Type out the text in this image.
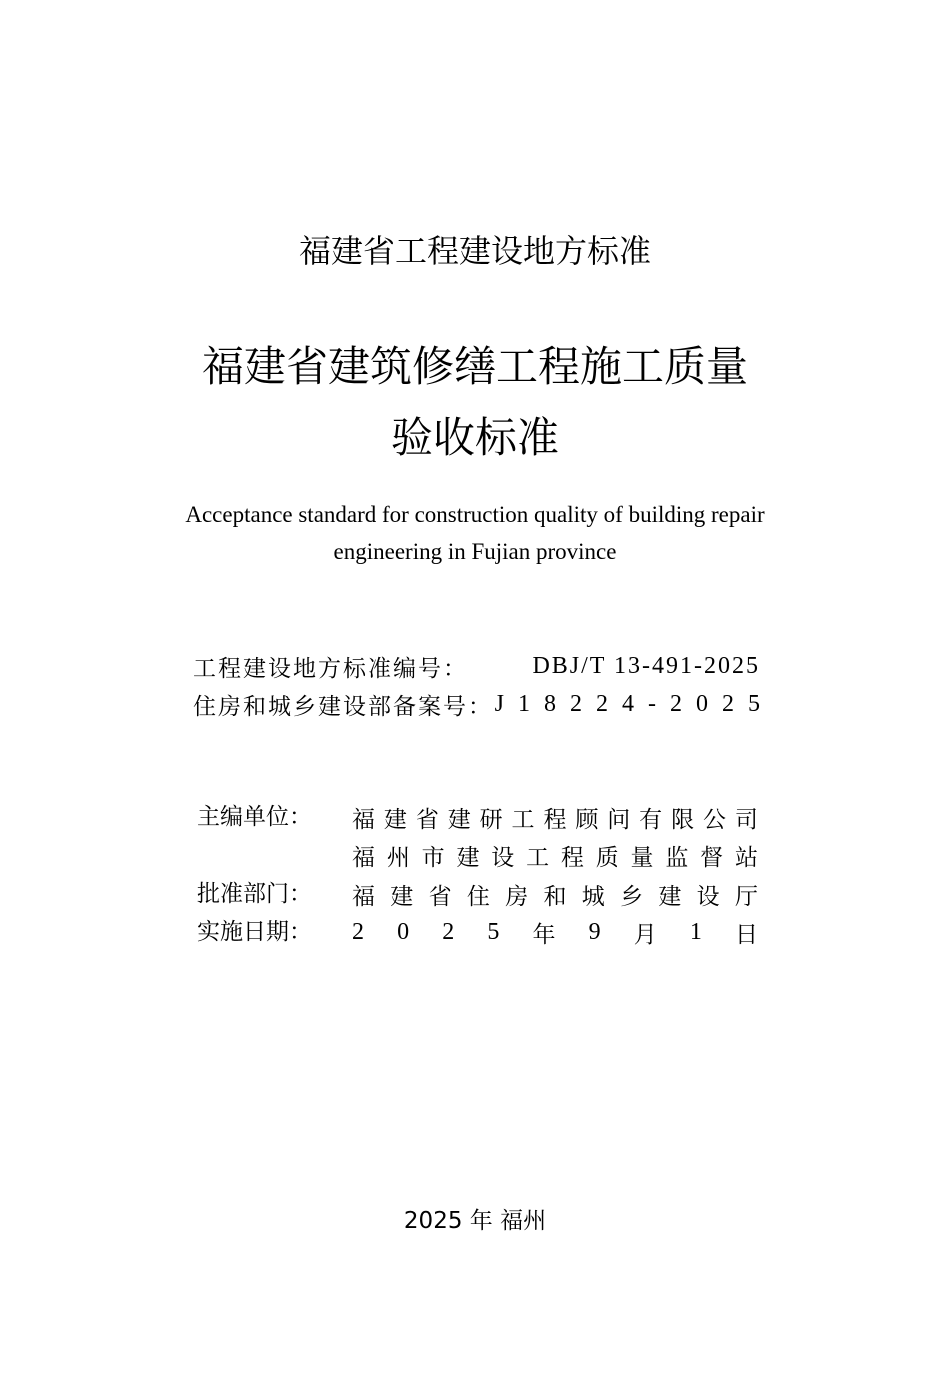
福建省工程建设地方标准
福建省建筑修缮工程施工质量
验收标准
Acceptance standard for construction quality of building repair
engineering in Fujian province
工程建设地方标准编号：	DBJ/T 13-491-2025
住房和城乡建设部备案号： J18224-2025
主编单位： 福 建 省 建 研 工 程 顾 问 有 限 公 司
福 州 市 建 设 工 程 质 量 监 督 站
批准部门： 福 建 省 住 房 和 城 乡 建 设 厅
实施日期： 2 0 2 5 年 9 月 1 日
2025 年 福州
